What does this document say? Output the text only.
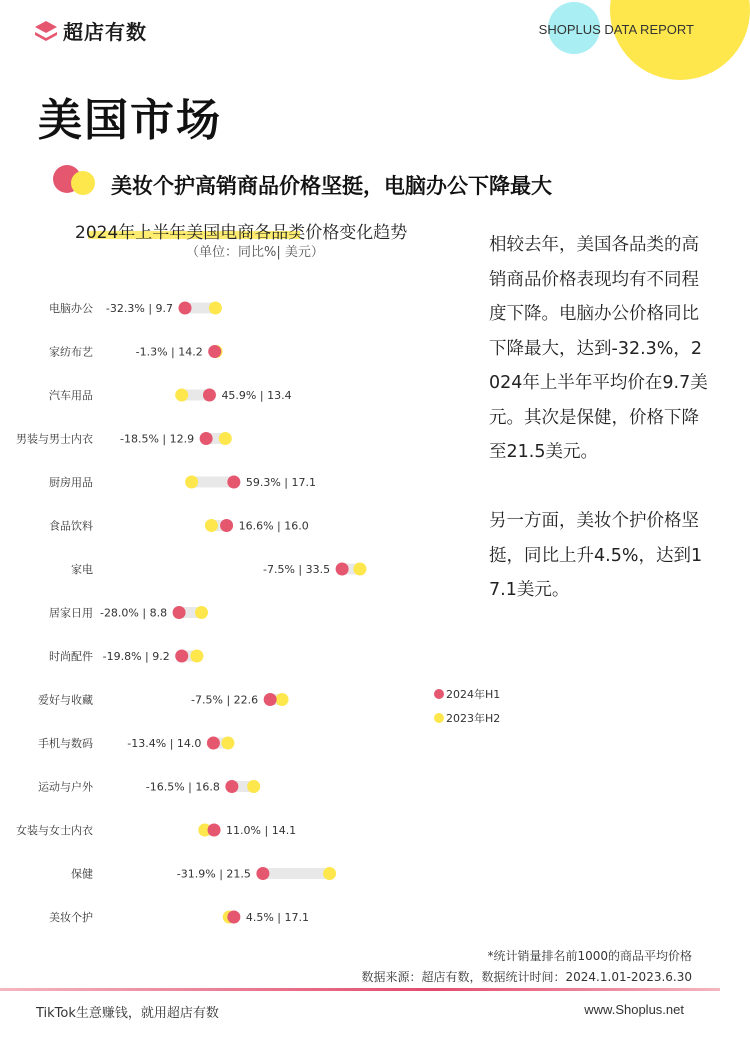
超店有数	SHOPLUS DATA REPORT
美国市场
美妆个护高销商品价格坚挺，电脑办公下降最大
2024年上半年美国电商各品类价格变化趋势
（单位：同比%| 美元）
电脑办公 -32.3% | 9.7
家纺布艺	-1.3% | 14.2
汽车用品	45.9% | 13.4
男装与男士内衣 -18.5% | 12.9
厨房用品	59.3% | 17.1
食品饮料	16.6% | 16.0
家电	-7.5% | 33.5
居家日用 -28.0% | 8.8
时尚配件 -19.8% | 9.2
爱好与收藏	-7.5% | 22.6
手机与数码	-13.4% | 14.0
运动与户外	-16.5% | 16.8
女装与女士内衣	11.0% | 14.1
保健	-31.9% | 21.5
美妆个护	4.5% | 17.1
2024年H1
2023年H2
相较去年，美国各品类的高销商品价格表现均有不同程度下降。电脑办公价格同比下降最大，达到-32.3%，2024年上半年平均价在9.7美元。其次是保健，价格下降至21.5美元。

另一方面，美妆个护价格坚挺，同比上升4.5%，达到17.1美元。
*统计销量排名前1000的商品平均价格
数据来源：超店有数，数据统计时间：2024.1.01-2023.6.30
TikTok生意赚钱，就用超店有数	www.Shoplus.net
